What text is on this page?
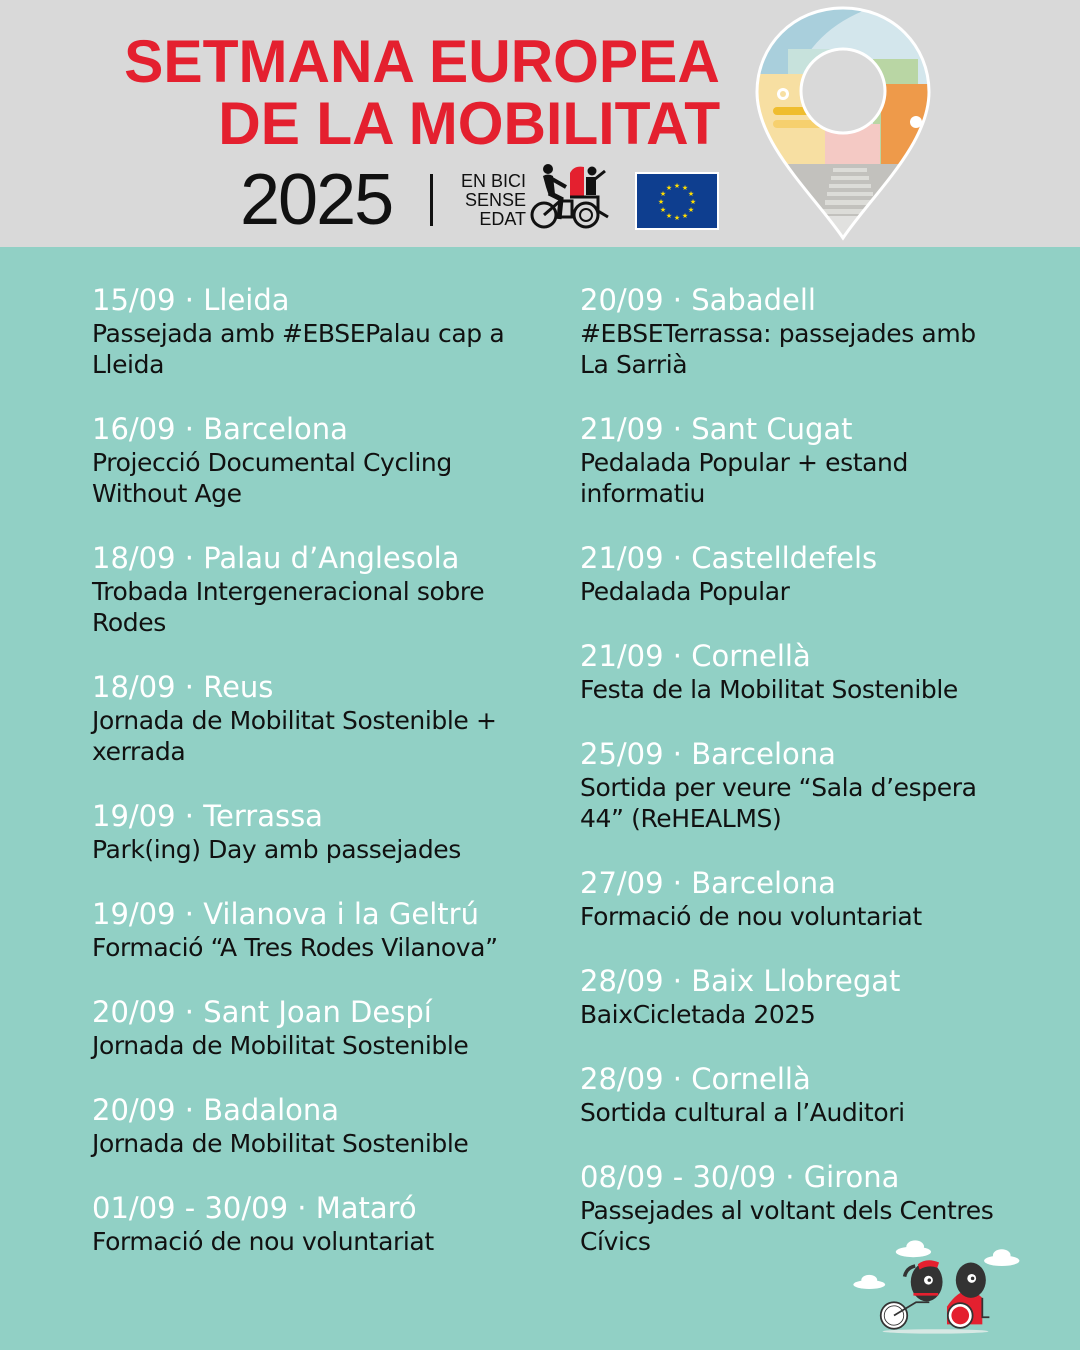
SETMANA EUROPEA
DE LA MOBILITAT
2025	EN BICI
SENSE
EDAT
★ ★
★
★
★
★
★
★
★
★
★
★
15/09 · Lleida
Passejada amb #EBSEPalau cap a
Lleida
16/09 · Barcelona
Projecció Documental Cycling
Without Age
18/09 · Palau d’Anglesola
Trobada Intergeneracional sobre
Rodes
18/09 · Reus
Jornada de Mobilitat Sostenible +
xerrada
19/09 · Terrassa
Park(ing) Day amb passejades
19/09 · Vilanova i la Geltrú
Formació “A Tres Rodes Vilanova”
20/09 · Sant Joan Despí
Jornada de Mobilitat Sostenible
20/09 · Badalona
Jornada de Mobilitat Sostenible
01/09 - 30/09 · Mataró
Formació de nou voluntariat
20/09 · Sabadell
#EBSETerrassa: passejades amb
La Sarrià
21/09 · Sant Cugat
Pedalada Popular + estand
informatiu
21/09 · Castelldefels
Pedalada Popular
21/09 · Cornellà
Festa de la Mobilitat Sostenible
25/09 · Barcelona
Sortida per veure “Sala d’espera
44” (ReHEALMS)
27/09 · Barcelona
Formació de nou voluntariat
28/09 · Baix Llobregat
BaixCicletada 2025
28/09 · Cornellà
Sortida cultural a l’Auditori
08/09 - 30/09 · Girona
Passejades al voltant dels Centres
Cívics
